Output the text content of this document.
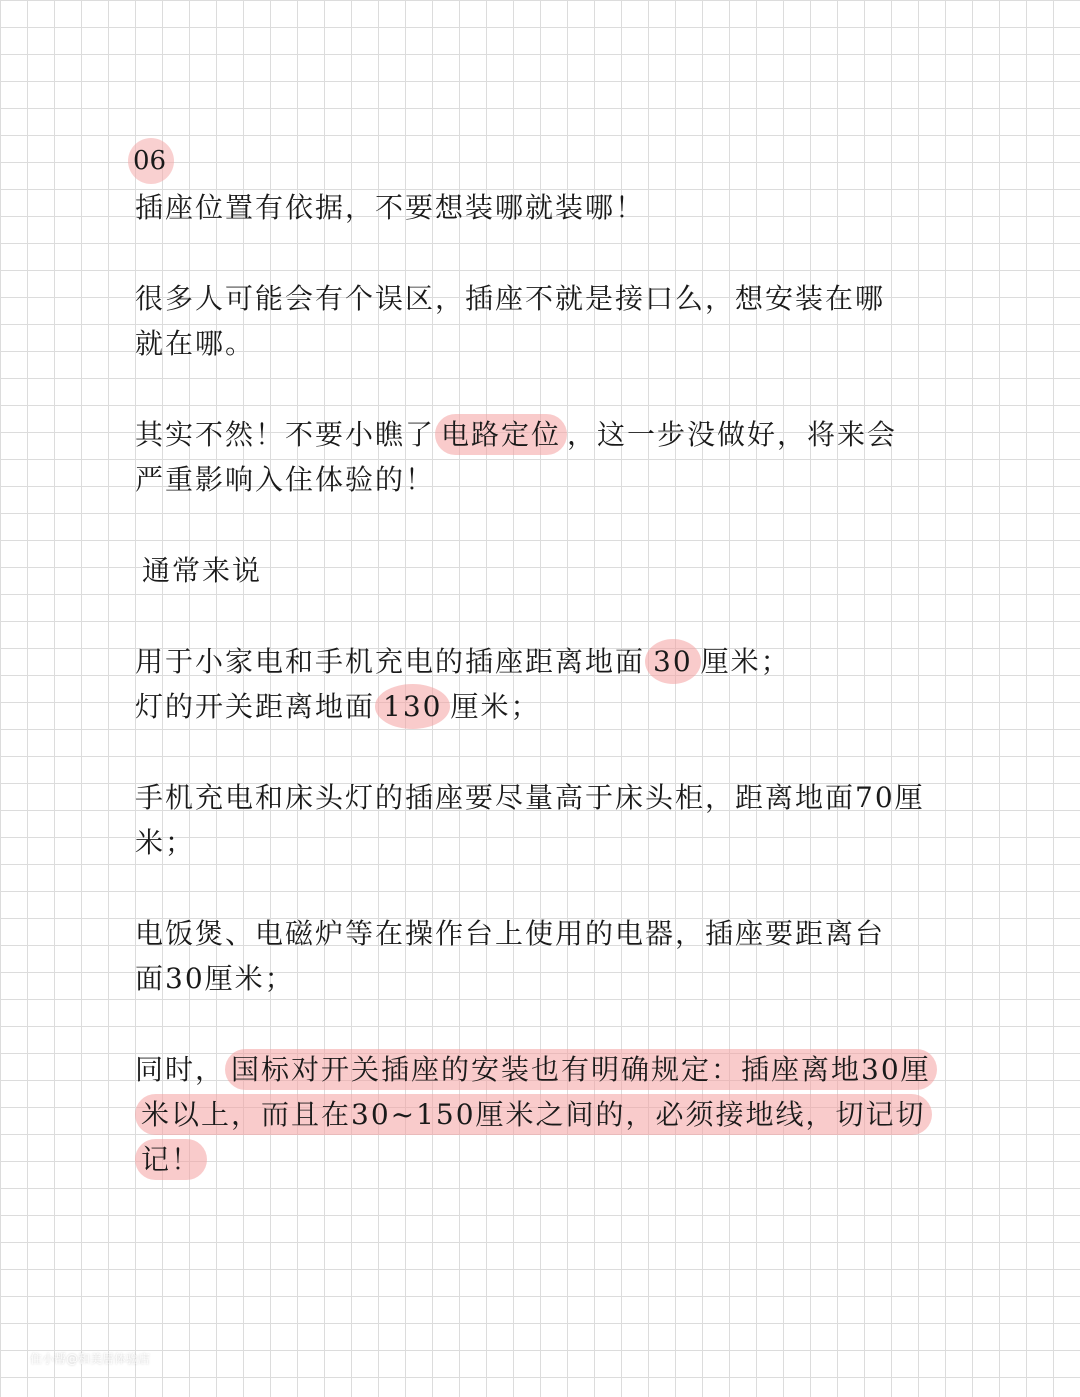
06
插座位置有依据，不要想装哪就装哪！
很多人可能会有个误区，插座不就是接口么，想安装在哪
就在哪。
其实不然！不要小瞧了 电路定位 ，这一步没做好，将来会
严重影响入住体验的！
通常来说
用于小家电和手机充电的插座距离地面 30 厘米；
灯的开关距离地面 130 厘米；
手机充电和床头灯的插座要尽量高于床头柜，距离地面70厘
米；
电饭煲、电磁炉等在操作台上使用的电器，插座要距离台
面30厘米；
同时， 国标对开关插座的安装也有明确规定：插座离地30厘
米以上，而且在30~150厘米之间的，必须接地线，切记切
记！
住小帮@和美居体验店
